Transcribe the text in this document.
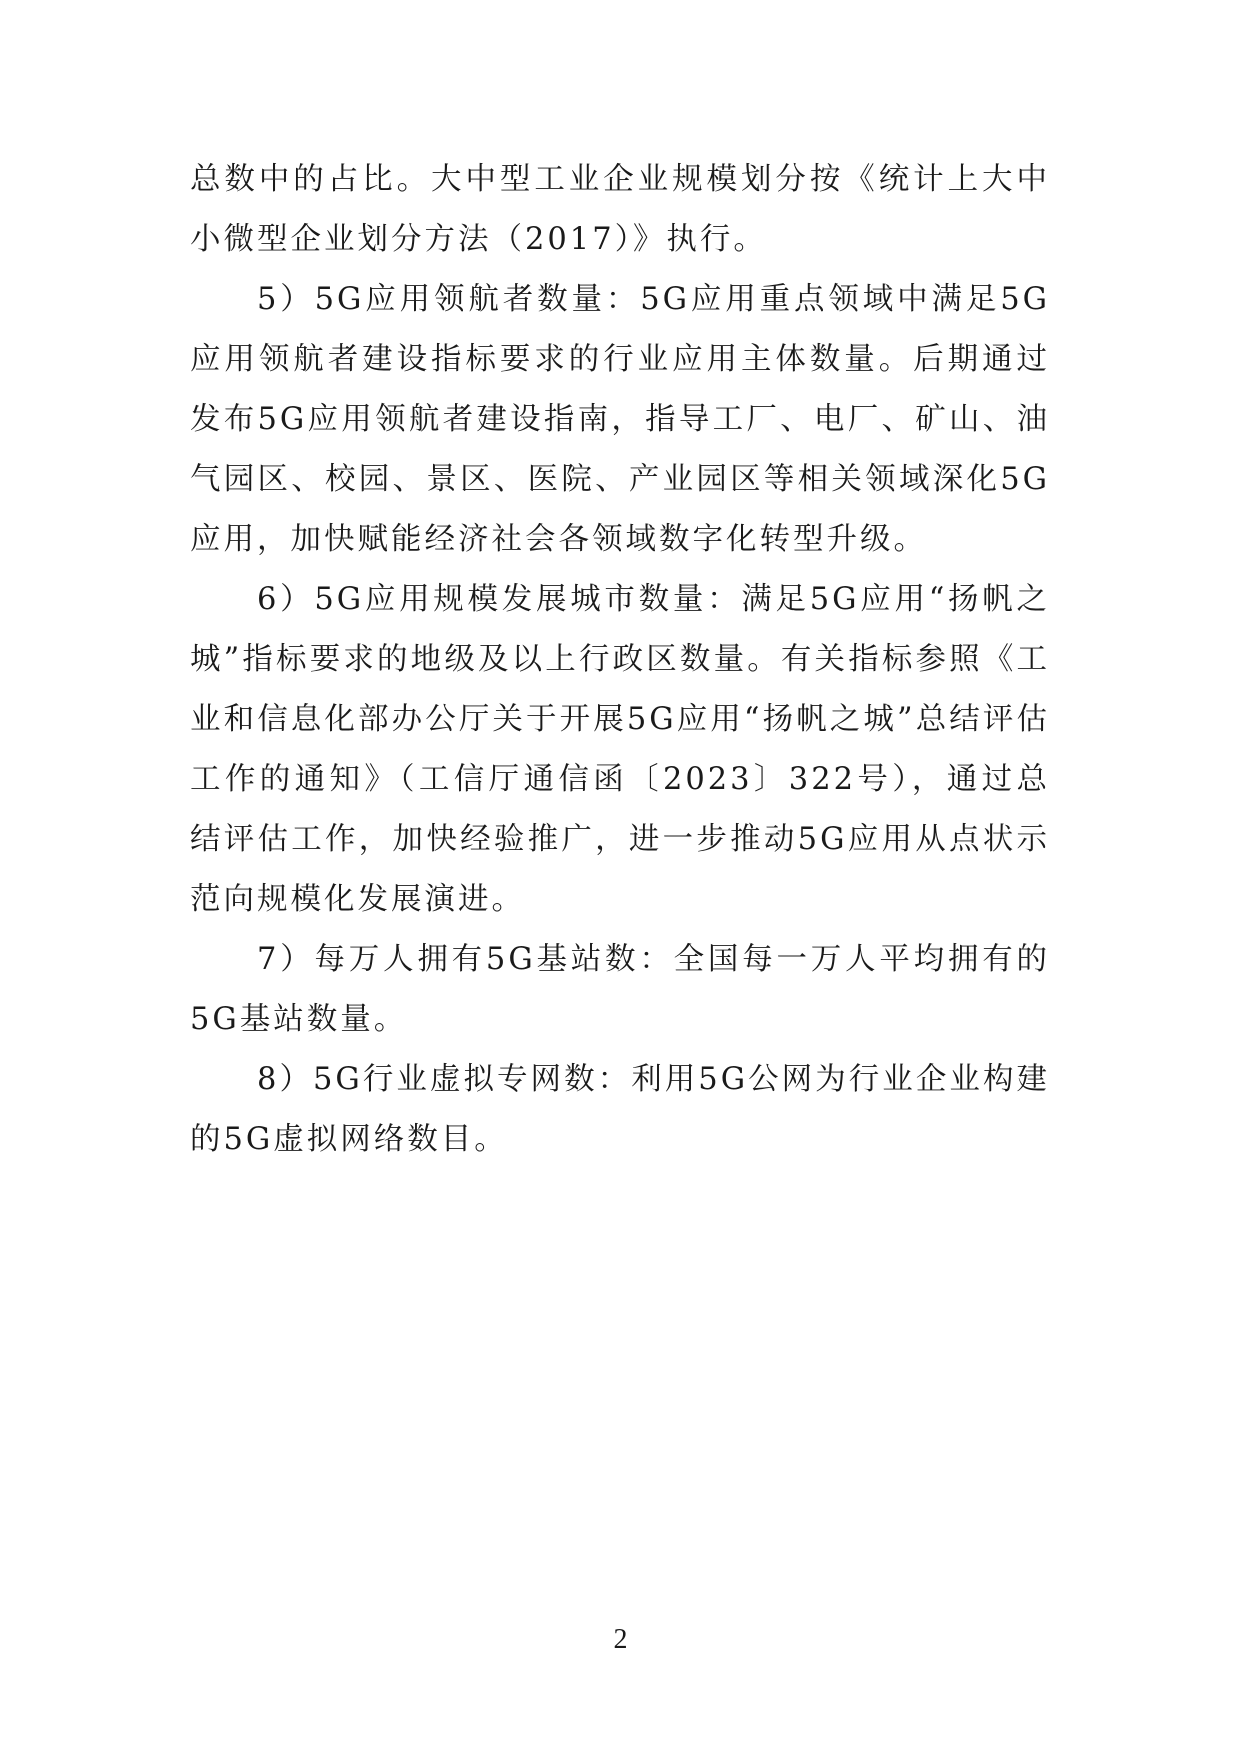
总数中的占比。大中型工业企业规模划分按《统计上大中小微型企业划分方法（2017）》执行。

5）5G应用领航者数量：5G应用重点领域中满足5G应用领航者建设指标要求的行业应用主体数量。后期通过发布5G应用领航者建设指南，指导工厂、电厂、矿山、油气园区、校园、景区、医院、产业园区等相关领域深化5G应用，加快赋能经济社会各领域数字化转型升级。

6）5G应用规模发展城市数量：满足5G应用“扬帆之城”指标要求的地级及以上行政区数量。有关指标参照《工业和信息化部办公厅关于开展5G应用“扬帆之城”总结评估工作的通知》（工信厅通信函〔2023〕322号），通过总结评估工作，加快经验推广，进一步推动5G应用从点状示范向规模化发展演进。

7）每万人拥有5G基站数：全国每一万人平均拥有的5G基站数量。

8）5G行业虚拟专网数：利用5G公网为行业企业构建的5G虚拟网络数目。

2
